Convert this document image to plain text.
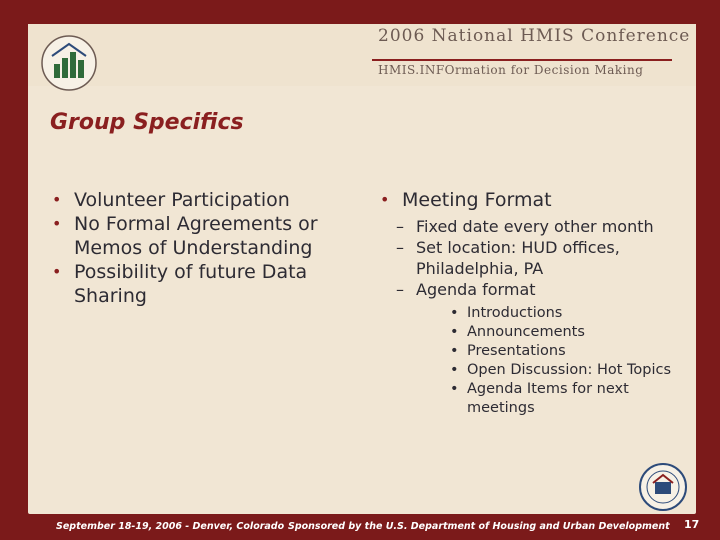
2006 National HMIS Conference
HMIS.INFOrmation for Decision Making
Group Specifics

• Volunteer Participation

• No Formal Agreements or Memos of Understanding

• Possibility of future Data Sharing

• Meeting Format

– Fixed date every other month

– Set location: HUD offices, Philadelphia, PA

– Agenda format

• Introductions

• Announcements

• Presentations

• Open Discussion: Hot Topics

• Agenda Items for next meetings

September 18-19, 2006 - Denver, Colorado Sponsored by the U.S. Department of Housing and Urban Development 17
